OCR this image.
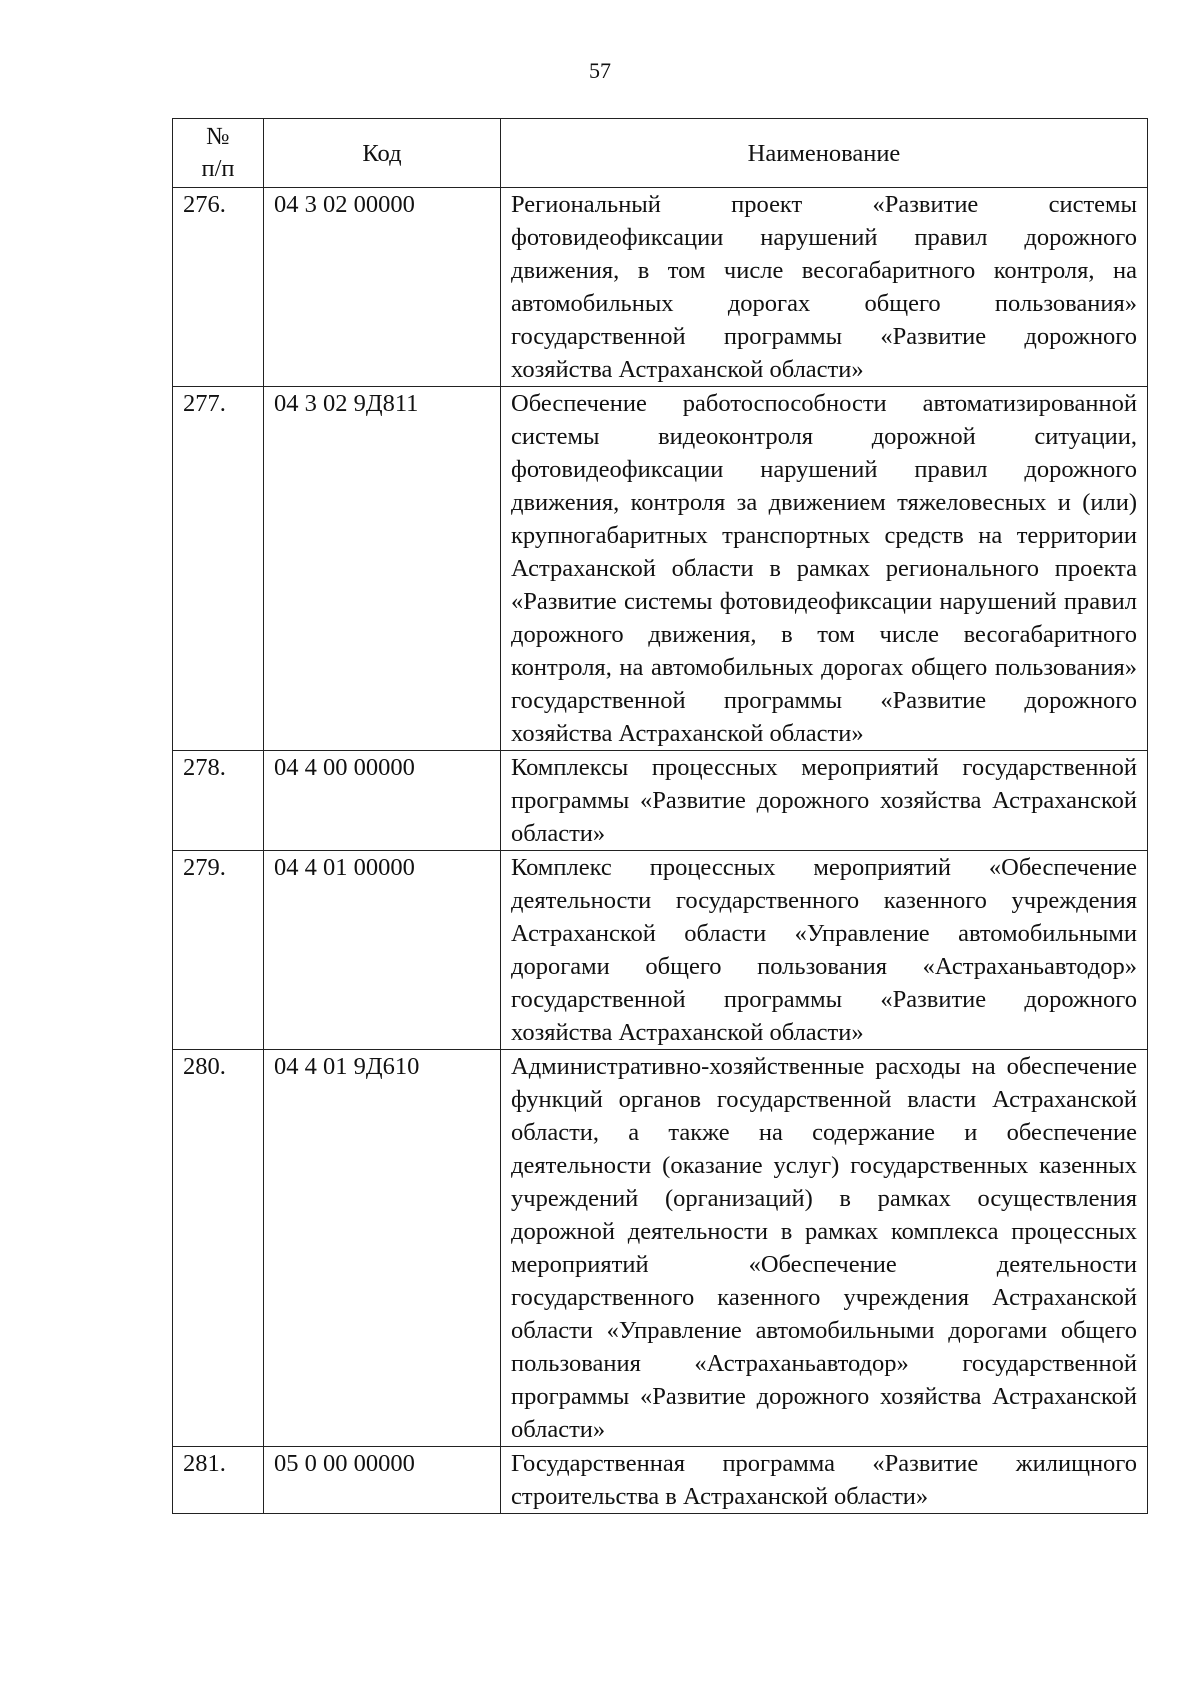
57
№
п/п	Код	Наименование
276.	04 3 02 00000	Региональный проект «Развитие системы фотовидеофиксации нарушений правил дорожного движения, в том числе весогабаритного контроля, на автомобильных дорогах общего пользования» государственной программы «Развитие дорожного хозяйства Астраханской области»
277.	04 3 02 9Д811	Обеспечение работоспособности автоматизированной системы видеоконтроля дорожной ситуации, фотовидеофиксации нарушений правил дорожного движения, контроля за движением тяжеловесных и (или) крупногабаритных транспортных средств на территории Астраханской области в рамках регионального проекта «Развитие системы фотовидеофиксации нарушений правил дорожного движения, в том числе весогабаритного контроля, на автомобильных дорогах общего пользования» государственной программы «Развитие дорожного хозяйства Астраханской области»
278.	04 4 00 00000	Комплексы процессных мероприятий государственной программы «Развитие дорожного хозяйства Астраханской области»
279.	04 4 01 00000	Комплекс процессных мероприятий «Обеспечение деятельности государственного казенного учреждения Астраханской области «Управление автомобильными дорогами общего пользования «Астраханьавтодор» государственной программы «Развитие дорожного хозяйства Астраханской области»
280.	04 4 01 9Д610	Административно-хозяйственные расходы на обеспечение функций органов государственной власти Астраханской области, а также на содержание и обеспечение деятельности (оказание услуг) государственных казенных учреждений (организаций) в рамках осуществления дорожной деятельности в рамках комплекса процессных мероприятий «Обеспечение деятельности государственного казенного учреждения Астраханской области «Управление автомобильными дорогами общего пользования «Астраханьавтодор» государственной программы «Развитие дорожного хозяйства Астраханской области»
281.	05 0 00 00000	Государственная программа «Развитие жилищного строительства в Астраханской области»
